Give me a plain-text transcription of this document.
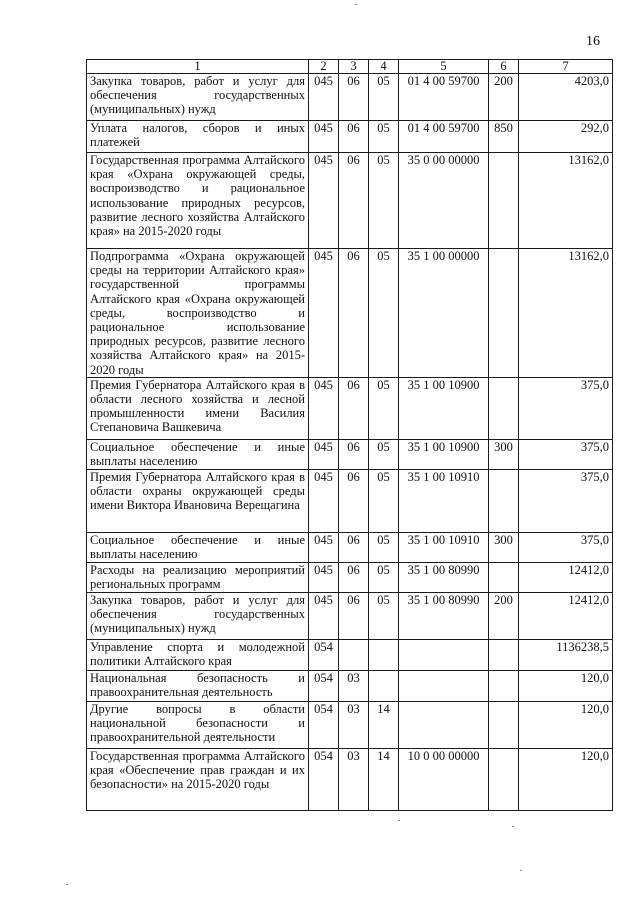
16
1	2	3	4	5	6	7
Закупка товаров, работ и услуг для обеспечения государственных (муниципальных) нужд	045	06	05	01 4 00 59700	200	4203,0
Уплата налогов, сборов и иных платежей	045	06	05	01 4 00 59700	850	292,0
Государственная программа Алтайского края «Охрана окружающей среды, воспроизводство и рациональное использование природных ресурсов, развитие лесного хозяйства Алтайского края» на 2015-2020 годы	045	06	05	35 0 00 00000		13162,0
Подпрограмма «Охрана окружающей среды на территории Алтайского края» государственной программы Алтайского края «Охрана окружающей среды, воспроизводство и рациональное использование природных ресурсов, развитие лесного хозяйства Алтайского края» на 2015-2020 годы	045	06	05	35 1 00 00000		13162,0
Премия Губернатора Алтайского края в области лесного хозяйства и лесной промышленности имени Василия Степановича Вашкевича	045	06	05	35 1 00 10900		375,0
Социальное обеспечение и иные выплаты населению	045	06	05	35 1 00 10900	300	375,0
Премия Губернатора Алтайского края в области охраны окружающей среды имени Виктора Ивановича Верещагина	045	06	05	35 1 00 10910		375,0
Социальное обеспечение и иные выплаты населению	045	06	05	35 1 00 10910	300	375,0
Расходы на реализацию мероприятий региональных программ	045	06	05	35 1 00 80990		12412,0
Закупка товаров, работ и услуг для обеспечения государственных (муниципальных) нужд	045	06	05	35 1 00 80990	200	12412,0
Управление спорта и молодежной политики Алтайского края	054					1136238,5
Национальная безопасность и правоохранительная деятельность	054	03				120,0
Другие вопросы в области национальной безопасности и правоохранительной деятельности	054	03	14			120,0
Государственная программа Алтайского края «Обеспечение прав граждан и их безопасности» на 2015-2020 годы	054	03	14	10 0 00 00000		120,0
